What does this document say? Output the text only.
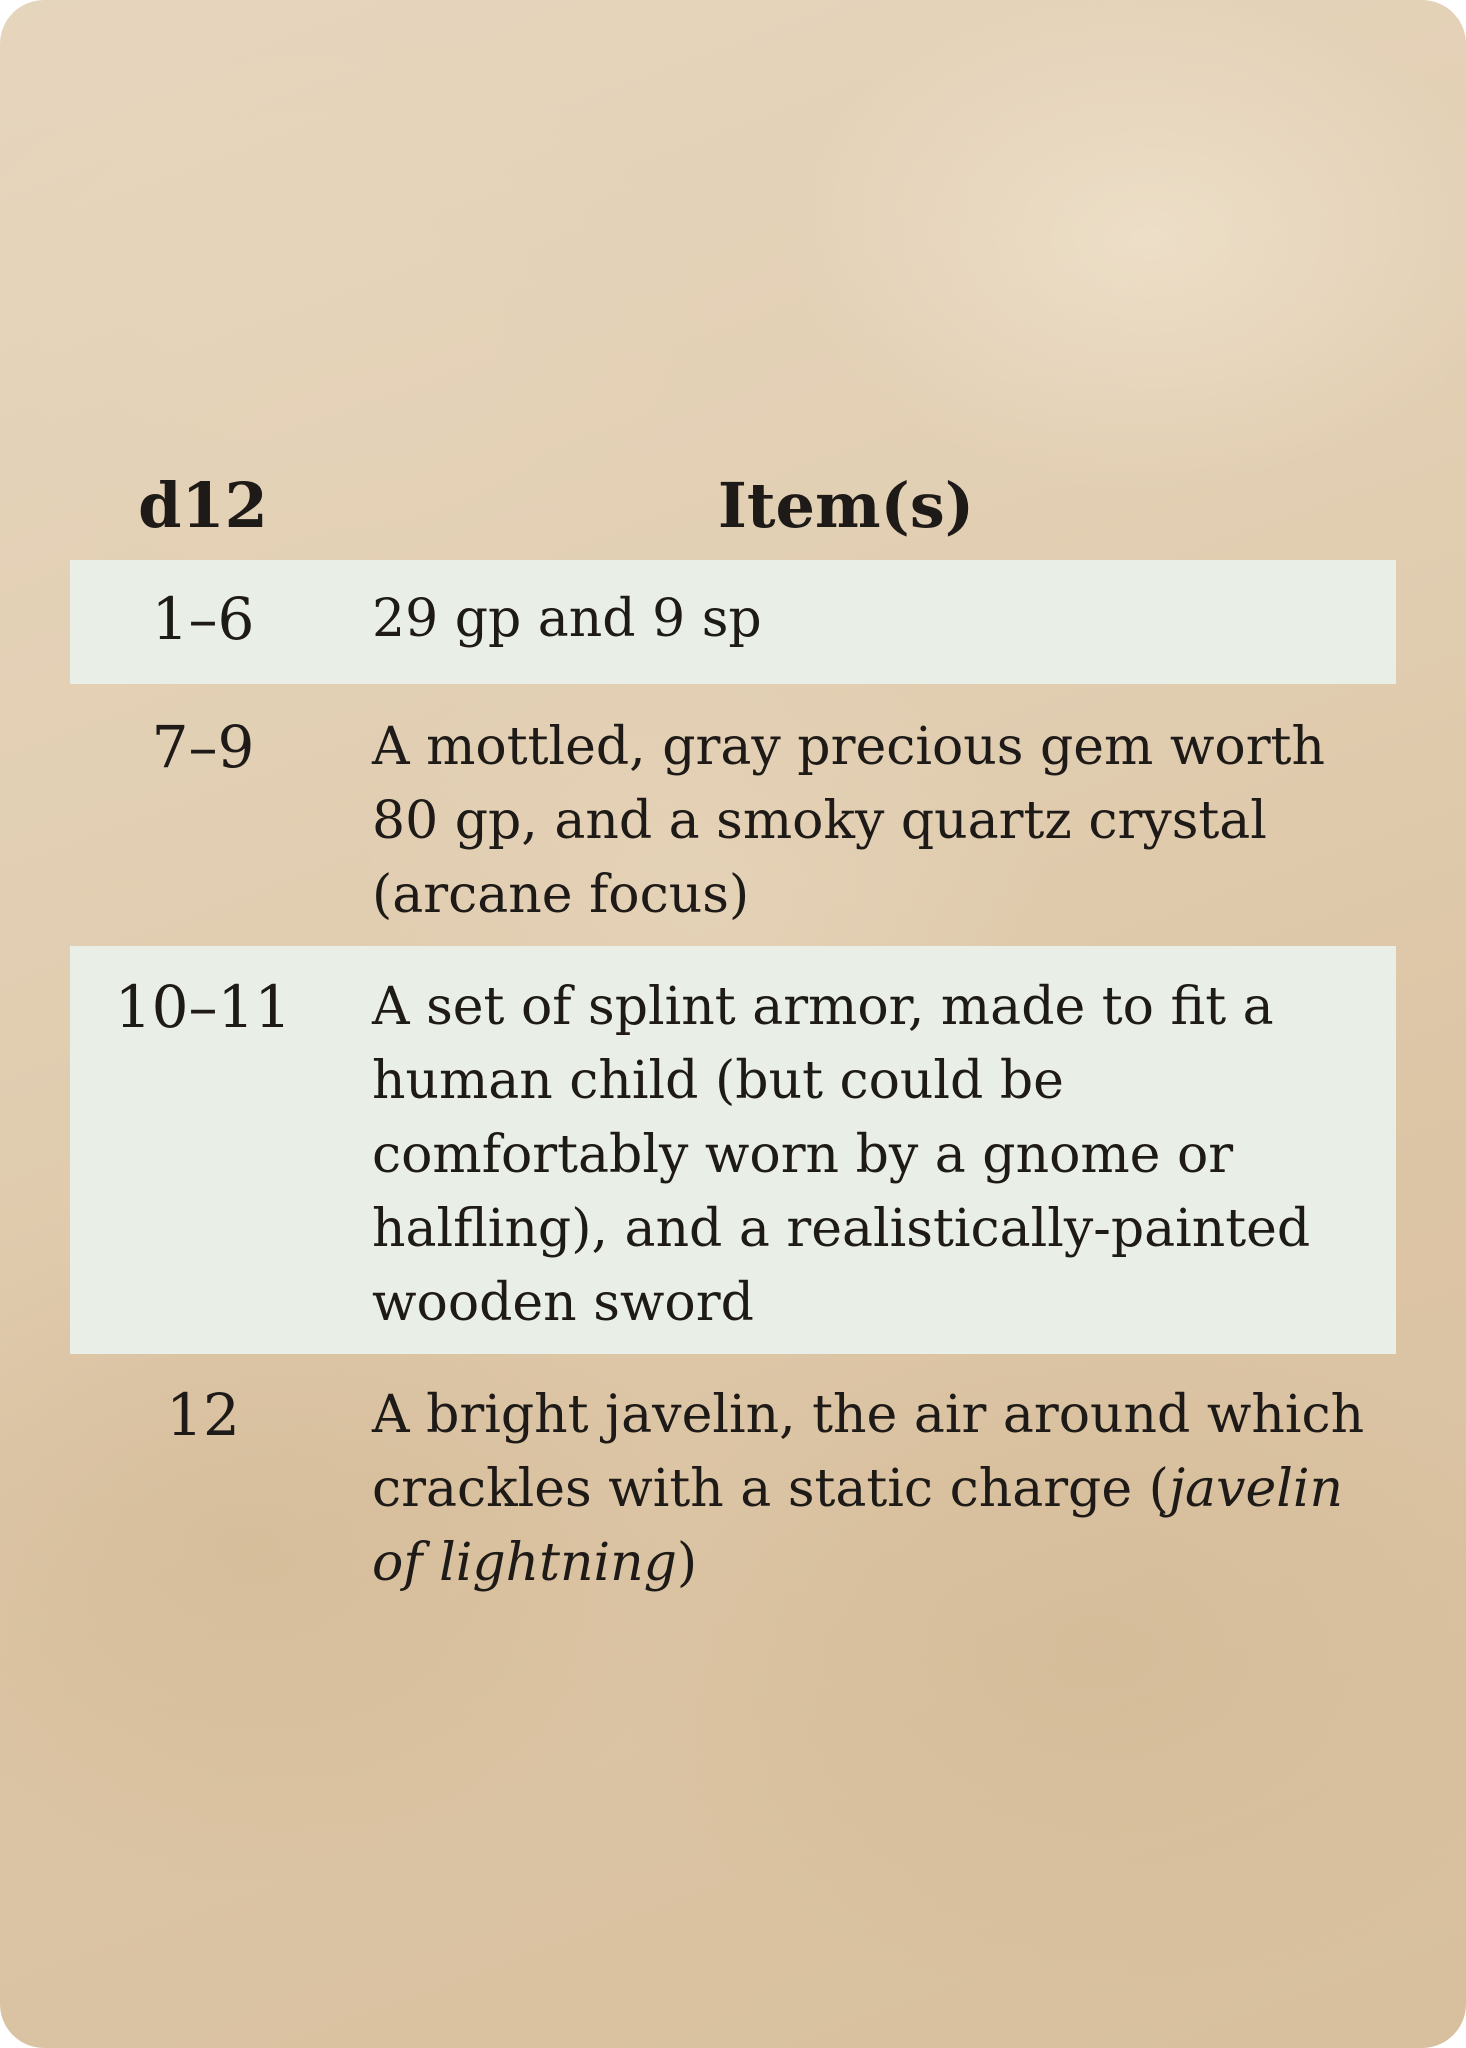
d12	Item(s)
1–6	29 gp and 9 sp
7–9	A mottled, gray precious gem worth 80 gp, and a smoky quartz crystal (arcane focus)
10–11	A set of splint armor, made to fit a human child (but could be comfortably worn by a gnome or halfling), and a realistically-painted wooden sword
12	A bright javelin, the air around which crackles with a static charge (javelin of lightning)
